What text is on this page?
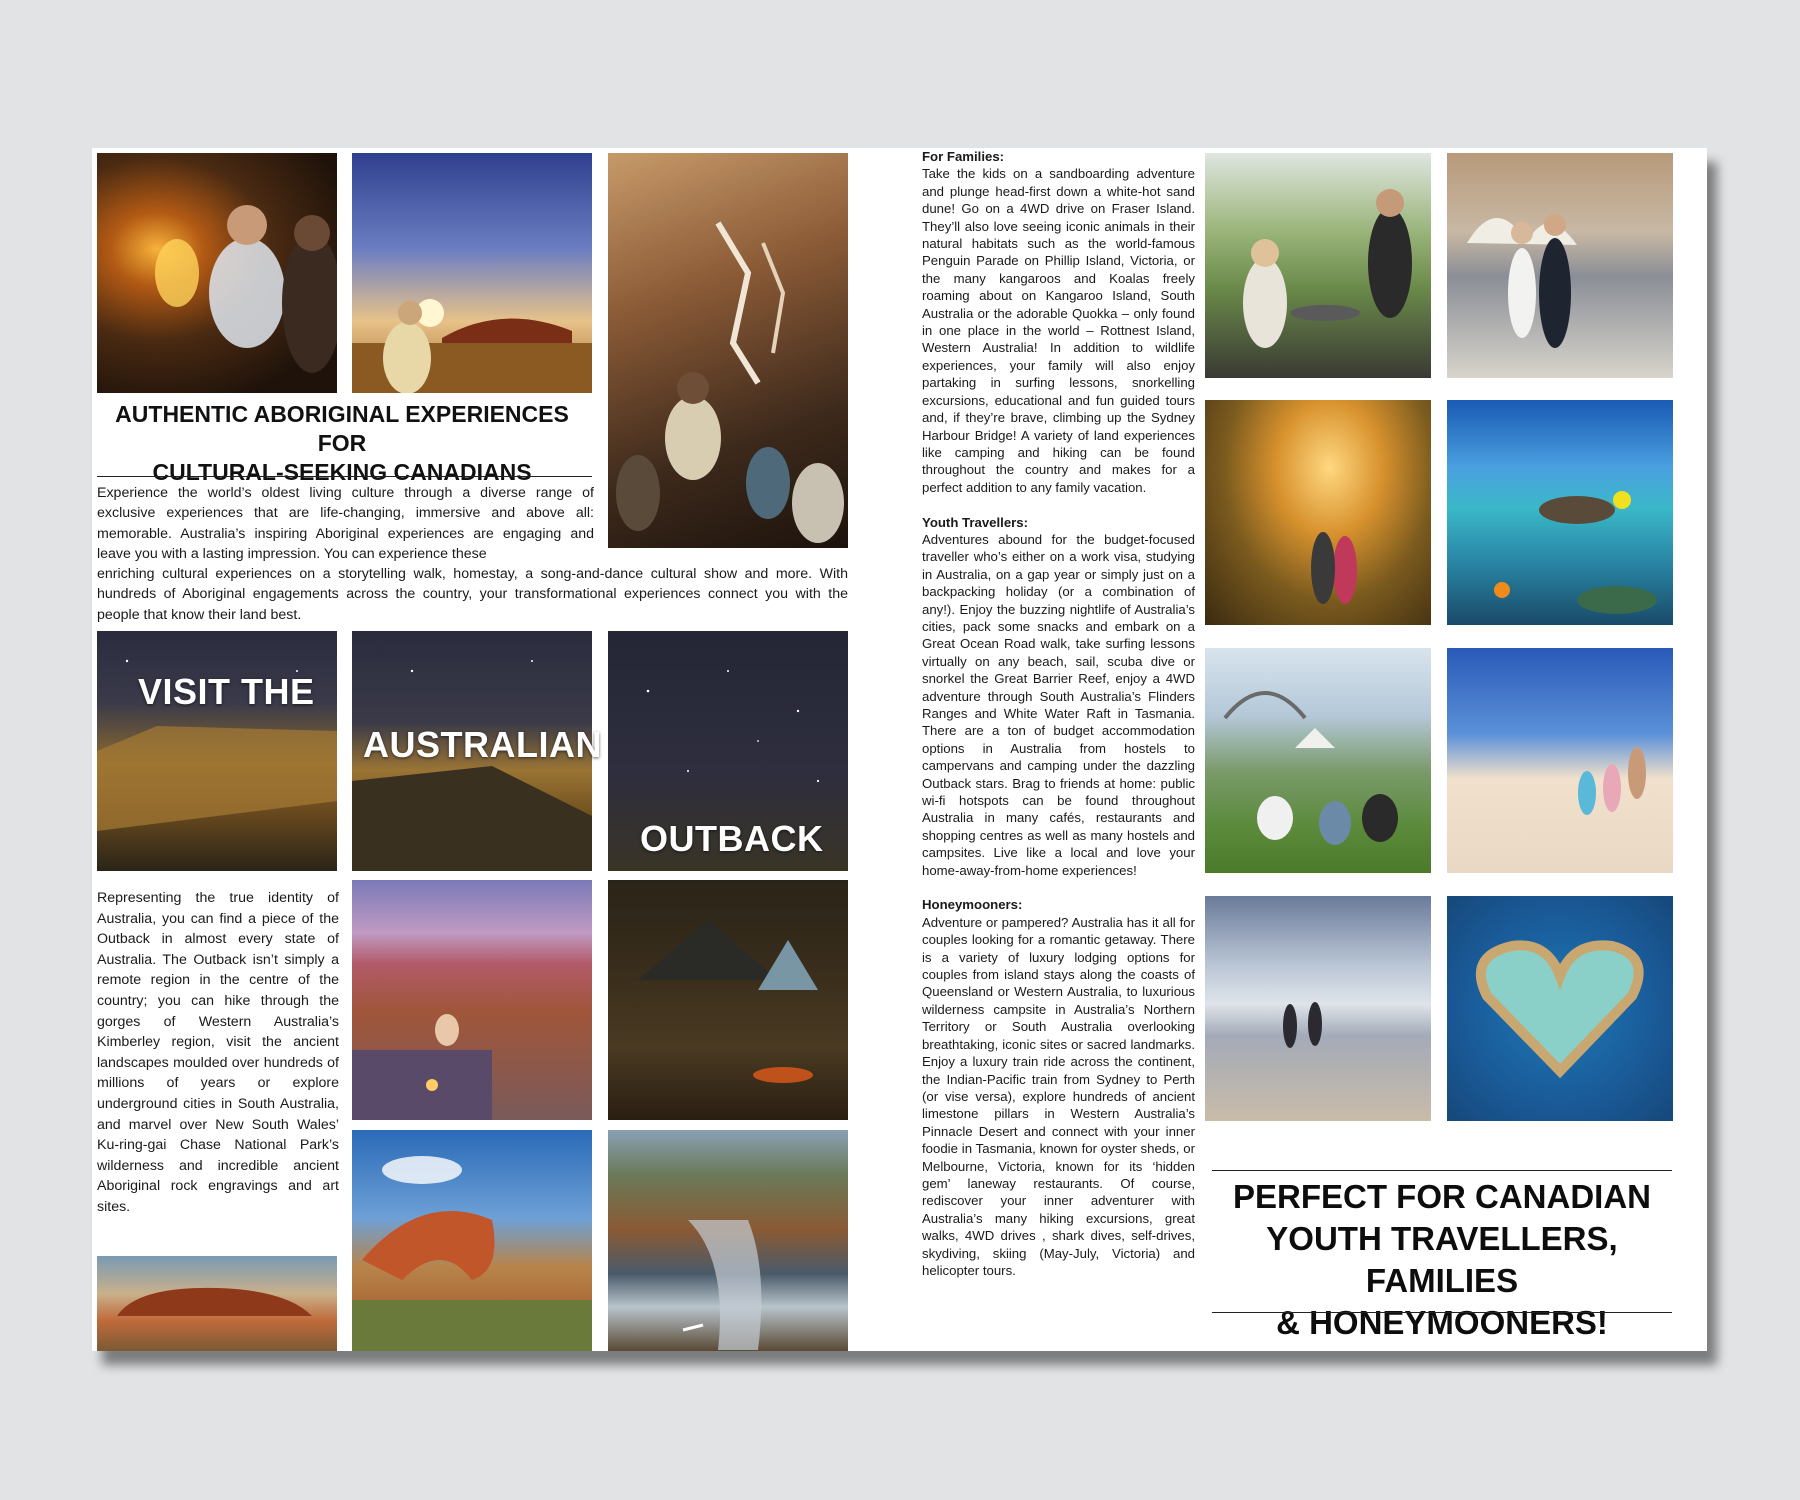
AUTHENTIC ABORIGINAL EXPERIENCES FOR
CULTURAL-SEEKING CANADIANS

Experience the world’s oldest living culture through a diverse range of exclusive experiences that are life-changing, immersive and above all: memorable. Australia’s inspiring Aboriginal experiences are engaging and leave you with a lasting impression. You can experience these

enriching cultural experiences on a storytelling walk, homestay, a song-and-dance cultural show and more. With hundreds of Aboriginal engagements across the country, your transformational experiences connect you with the people that know their land best.

VISIT THE
AUSTRALIAN
OUTBACK

Representing the true identity of Australia, you can find a piece of the Outback in almost every state of Australia. The Outback isn’t simply a remote region in the centre of the country; you can hike through the gorges of Western Australia’s Kimberley region, visit the ancient landscapes moulded over hundreds of millions of years or explore underground cities in South Australia, and marvel over New South Wales’ Ku-ring-gai Chase National Park’s wilderness and incredible ancient Aboriginal rock engravings and art sites.

For Families:

Take the kids on a sandboarding adventure and plunge head-first down a white-hot sand dune! Go on a 4WD drive on Fraser Island. They’ll also love seeing iconic animals in their natural habitats such as the world-famous Penguin Parade on Phillip Island, Victoria, or the many kangaroos and Koalas freely roaming about on Kangaroo Island, South Australia or the adorable Quokka – only found in one place in the world – Rottnest Island, Western Australia! In addition to wildlife experiences, your family will also enjoy partaking in surfing lessons, snorkelling excursions, educational and fun guided tours and, if they’re brave, climbing up the Sydney Harbour Bridge! A variety of land experiences like camping and hiking can be found throughout the country and makes for a perfect addition to any family vacation.

Youth Travellers:

Adventures abound for the budget-focused traveller who’s either on a work visa, studying in Australia, on a gap year or simply just on a backpacking holiday (or a combination of any!). Enjoy the buzzing nightlife of Australia’s cities, pack some snacks and embark on a Great Ocean Road walk, take surfing lessons virtually on any beach, sail, scuba dive or snorkel the Great Barrier Reef, enjoy a 4WD adventure through South Australia’s Flinders Ranges and White Water Raft in Tasmania. There are a ton of budget accommodation options in Australia from hostels to campervans and camping under the dazzling Outback stars. Brag to friends at home: public wi-fi hotspots can be found throughout Australia in many cafés, restaurants and shopping centres as well as many hostels and campsites. Live like a local and love your home-away-from-home experiences!

Honeymooners:

Adventure or pampered? Australia has it all for couples looking for a romantic getaway. There is a variety of luxury lodging options for couples from island stays along the coasts of Queensland or Western Australia, to luxurious wilderness campsite in Australia’s Northern Territory or South Australia overlooking breathtaking, iconic sites or sacred landmarks. Enjoy a luxury train ride across the continent, the Indian-Pacific train from Sydney to Perth (or vise versa), explore hundreds of ancient limestone pillars in Western Australia’s Pinnacle Desert and connect with your inner foodie in Tasmania, known for oyster sheds, or Melbourne, Victoria, known for its ‘hidden gem’ laneway restaurants. Of course, rediscover your inner adventurer with Australia’s many hiking excursions, great walks, 4WD drives , shark dives, self-drives, skydiving, skiing (May-July, Victoria) and helicopter tours.

PERFECT FOR CANADIAN
YOUTH TRAVELLERS, FAMILIES
& HONEYMOONERS!
